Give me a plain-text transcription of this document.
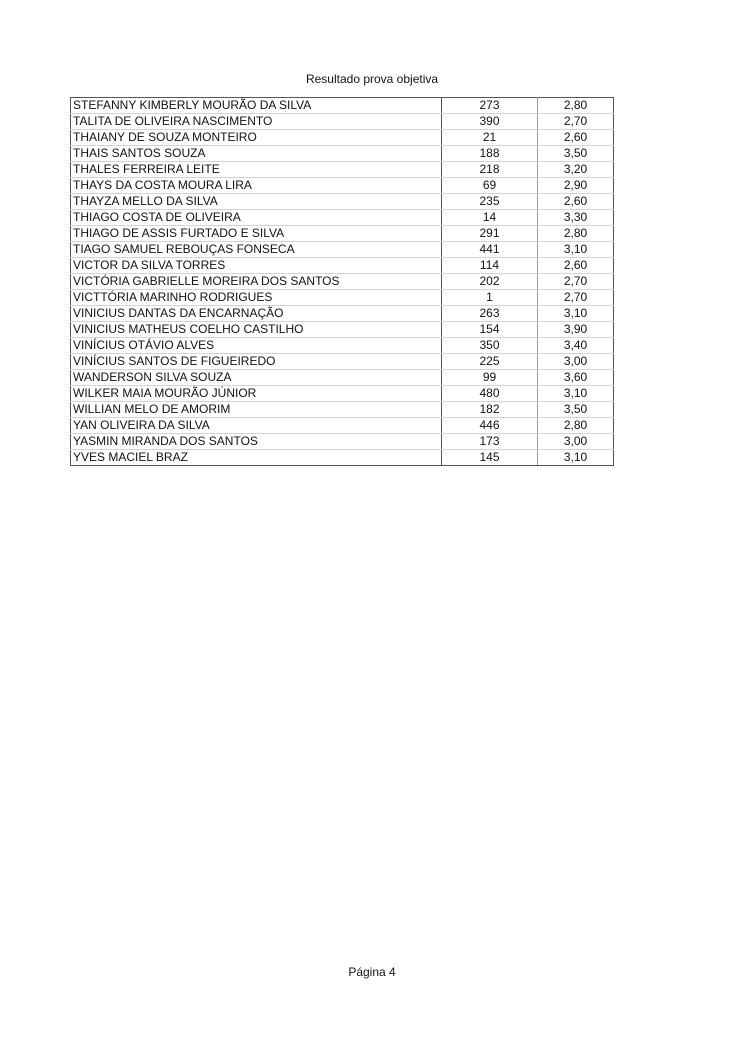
Resultado prova objetiva
STEFANNY KIMBERLY MOURÃO DA SILVA	273	2,80
TALITA DE OLIVEIRA NASCIMENTO	390	2,70
THAIANY DE SOUZA MONTEIRO	21	2,60
THAIS SANTOS SOUZA	188	3,50
THALES FERREIRA LEITE	218	3,20
THAYS DA COSTA MOURA LIRA	69	2,90
THAYZA MELLO DA SILVA	235	2,60
THIAGO COSTA DE OLIVEIRA	14	3,30
THIAGO DE ASSIS FURTADO E SILVA	291	2,80
TIAGO SAMUEL REBOUÇAS FONSECA	441	3,10
VICTOR DA SILVA TORRES	114	2,60
VICTÓRIA GABRIELLE MOREIRA DOS SANTOS	202	2,70
VICTTÓRIA MARINHO RODRIGUES	1	2,70
VINICIUS DANTAS DA ENCARNAÇÃO	263	3,10
VINICIUS MATHEUS COELHO CASTILHO	154	3,90
VINÍCIUS OTÁVIO ALVES	350	3,40
VINÍCIUS SANTOS DE FIGUEIREDO	225	3,00
WANDERSON SILVA SOUZA	99	3,60
WILKER MAIA MOURÃO JÚNIOR	480	3,10
WILLIAN MELO DE AMORIM	182	3,50
YAN OLIVEIRA DA SILVA	446	2,80
YASMIN MIRANDA DOS SANTOS	173	3,00
YVES MACIEL BRAZ	145	3,10
Página 4
